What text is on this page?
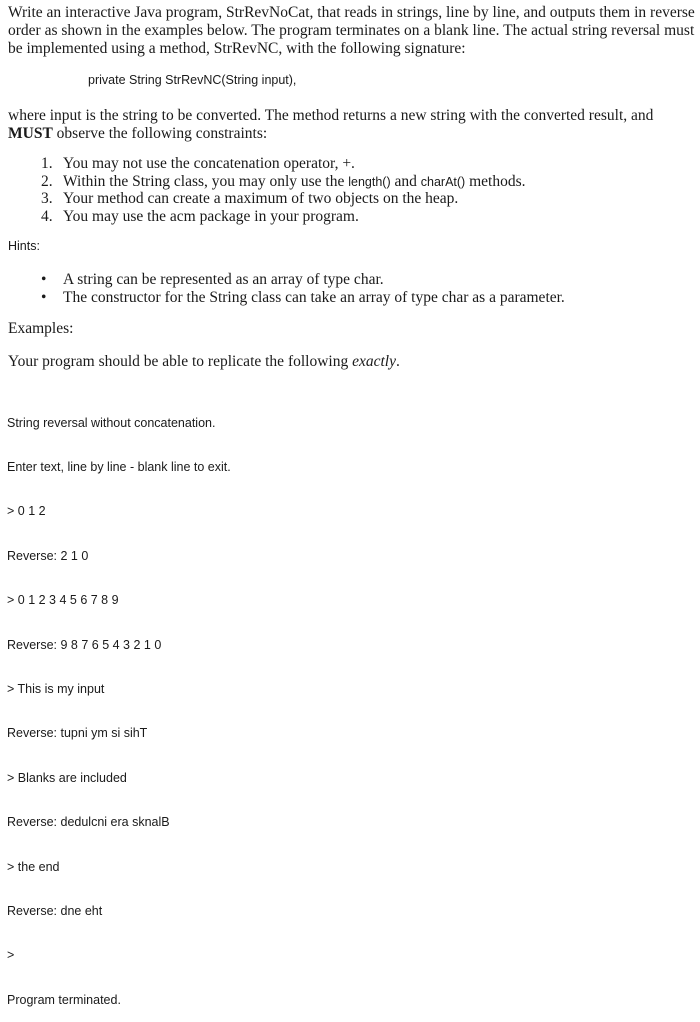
Write an interactive Java program, StrRevNoCat, that reads in strings, line by line, and outputs them in reverse order as shown in the examples below. The program terminates on a blank line. The actual string reversal must be implemented using a method, StrRevNC, with the following signature:

private String StrRevNC(String input),

where input is the string to be converted. The method returns a new string with the converted result, and MUST observe the following constraints:

1. You may not use the concatenation operator, +.
2. Within the String class, you may only use the length() and charAt() methods.
3. Your method can create a maximum of two objects on the heap.
4. You may use the acm package in your program.

Hints:

• A string can be represented as an array of type char.
• The constructor for the String class can take an array of type char as a parameter.

Examples:

Your program should be able to replicate the following exactly.

String reversal without concatenation.

Enter text, line by line - blank line to exit.

> 0 1 2

Reverse: 2 1 0

> 0 1 2 3 4 5 6 7 8 9

Reverse: 9 8 7 6 5 4 3 2 1 0

> This is my input

Reverse: tupni ym si sihT

> Blanks are included

Reverse: dedulcni era sknalB

> the end

Reverse: dne eht

>

Program terminated.
